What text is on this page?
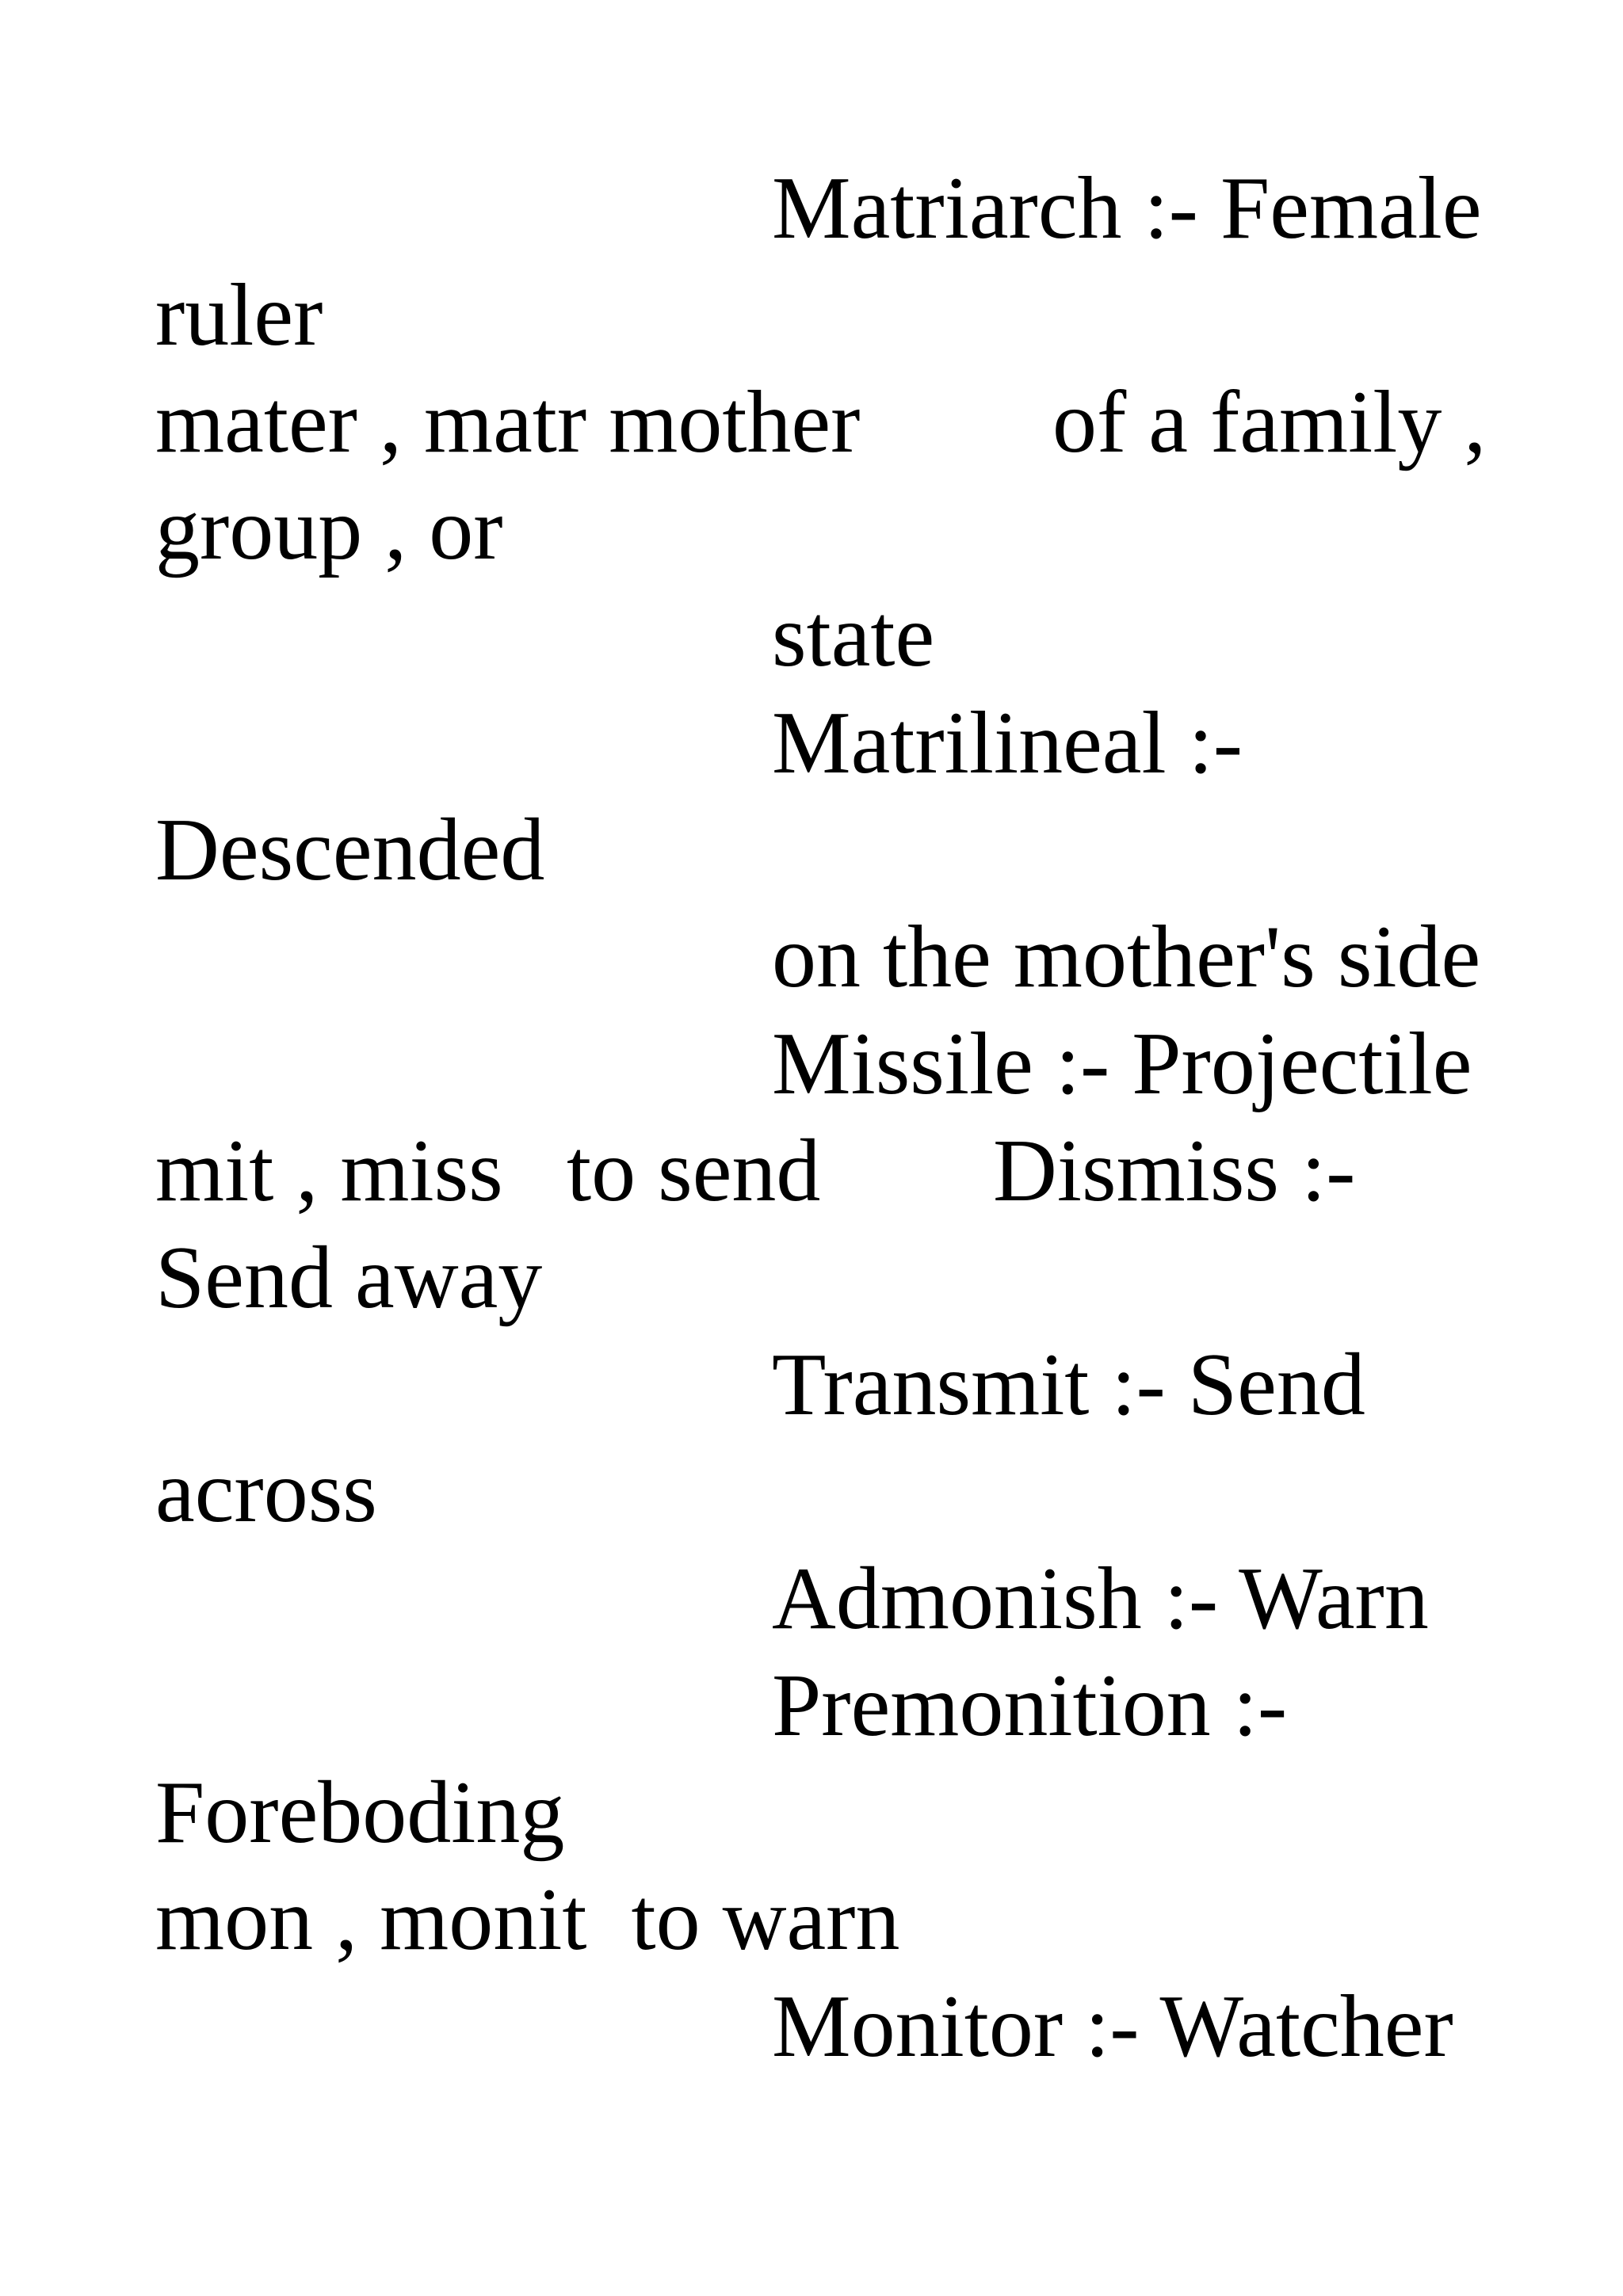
Matriarch :- Female
ruler
mater , matr mother of a family ,
group , or
state
Matrilineal :-
Descended
on the mother's side
Missile :- Projectile
mit , miss to send Dismiss :-
Send away
Transmit :- Send
across
Admonish :- Warn
Premonition :-
Foreboding
mon , monit  to warn
Monitor :- Watcher
